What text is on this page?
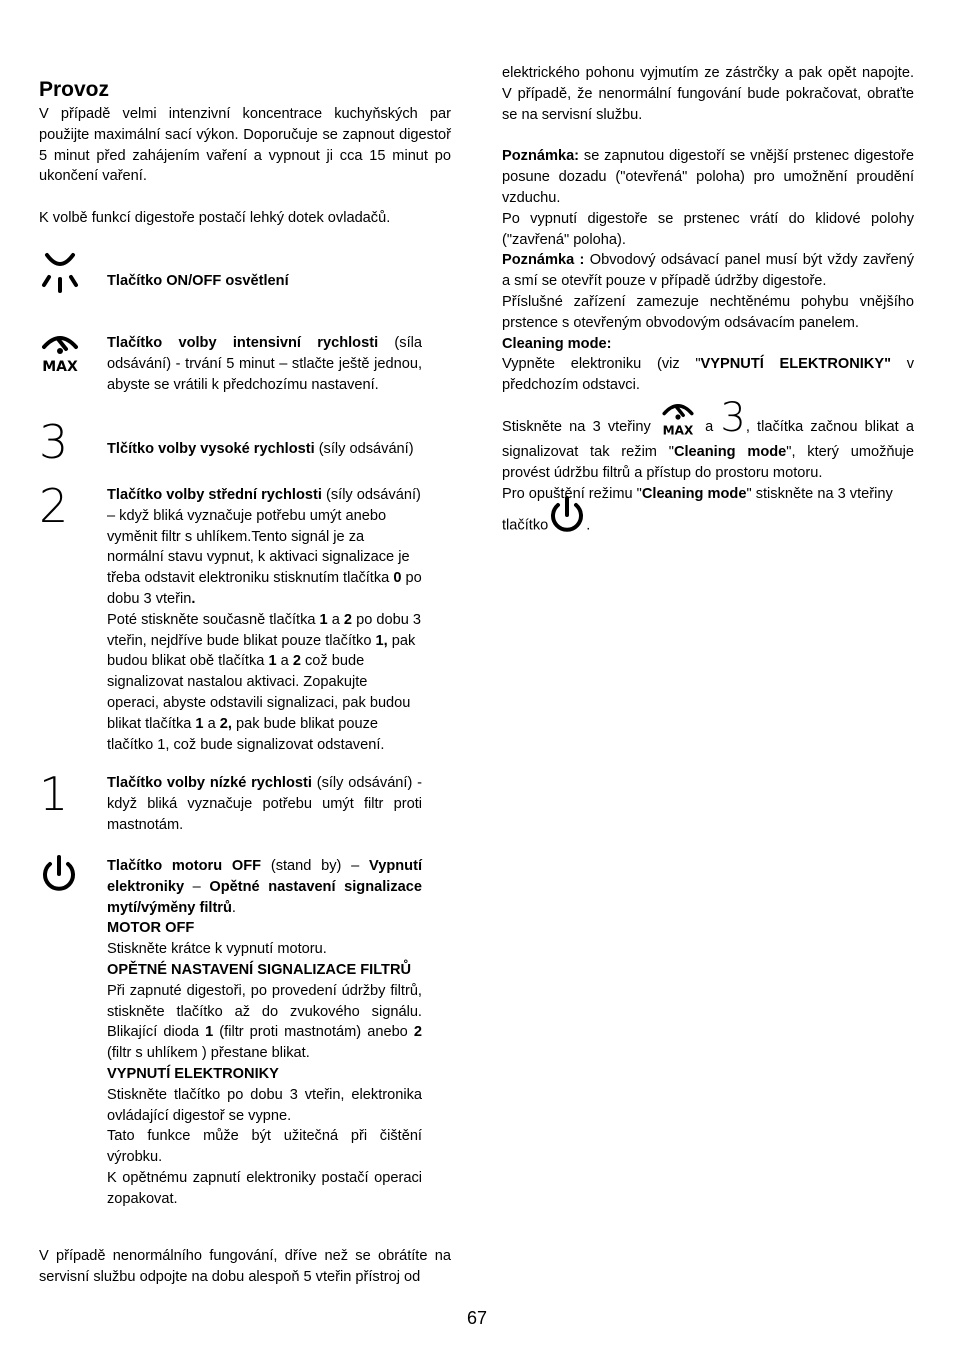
Provoz

V případě velmi intenzivní koncentrace kuchyňských par použijte maximální sací výkon. Doporučuje se zapnout digestoř 5 minut před zahájením vaření a vypnout ji cca 15 minut po ukončení vaření.

K volbě funkcí digestoře postačí lehký dotek ovladačů.

Tlačítko ON/OFF osvětlení

MAX

Tlačítko volby intensivní rychlosti (síla odsávání) - trvání 5 minut – stlačte ještě jednou, abyste se vrátili k předchozímu nastavení.

3	Tlčítko volby vysoké rychlosti (síly odsávání)

2	Tlačítko volby střední rychlosti (síly odsávání) – když bliká vyznačuje potřebu umýt anebo vyměnit filtr s uhlíkem.Tento signál je za normální stavu vypnut, k aktivaci signalizace je třeba odstavit elektroniku stisknutím tlačítka 0 po dobu 3 vteřin.

Poté stiskněte současně tlačítka 1 a 2 po dobu 3 vteřin, nejdříve bude blikat pouze tlačítko 1, pak budou blikat obě tlačítka 1 a 2 což bude signalizovat nastalou aktivaci. Zopakujte operaci, abyste odstavili signalizaci, pak budou blikat tlačítka 1 a 2, pak bude blikat pouze tlačítko 1, což bude signalizovat odstavení.

1	Tlačítko volby nízké rychlosti (síly odsávání) - když bliká vyznačuje potřebu umýt filtr proti mastnotám.

Tlačítko motoru OFF (stand by) – Vypnutí elektroniky – Opětné nastavení signalizace mytí/výměny filtrů.

MOTOR OFF

Stiskněte krátce k vypnutí motoru.

OPĚTNÉ NASTAVENÍ SIGNALIZACE FILTRŮ

Při zapnuté digestoři, po provedení údržby filtrů, stiskněte tlačítko až do zvukového signálu. Blikající dioda 1 (filtr proti mastnotám) anebo 2 (filtr s uhlíkem ) přestane blikat.

VYPNUTÍ ELEKTRONIKY

Stiskněte tlačítko po dobu 3 vteřin, elektronika ovládající digestoř se vypne.

Tato funkce může být užitečná při čištění výrobku.

K opětnému zapnutí elektroniky postačí operaci zopakovat.

V případě nenormálního fungování, dříve než se obrátíte na servisní službu odpojte na dobu alespoň 5 vteřin přístroj od

elektrického pohonu vyjmutím ze zástrčky a pak opět napojte. V případě, že nenormální fungování bude pokračovat, obraťte se na servisní službu.

Poznámka: se zapnutou digestoří se vnější prstenec digestoře posune dozadu ("otevřená" poloha) pro umožnění proudění vzduchu.

Po vypnutí digestoře se prstenec vrátí do klidové polohy ("zavřená" poloha).

Poznámka : Obvodový odsávací panel musí být vždy zavřený a smí se otevřít pouze v případě údržby digestoře.

Příslušné zařízení zamezuje nechtěnému pohybu vnějšího prstence s otevřeným obvodovým odsávacím panelem.

Cleaning mode:

Vypněte elektroniku (viz "VYPNUTÍ ELEKTRONIKY" v předchozím odstavci.

Stiskněte na 3 vteřiny MAX a 3, tlačítka začnou blikat a signalizovat tak režim "Cleaning mode", který umožňuje provést údržbu filtrů a přístup do prostoru motoru.

Pro opuštění režimu "Cleaning mode" stiskněte na 3 vteřiny

tlačítko	.

67
